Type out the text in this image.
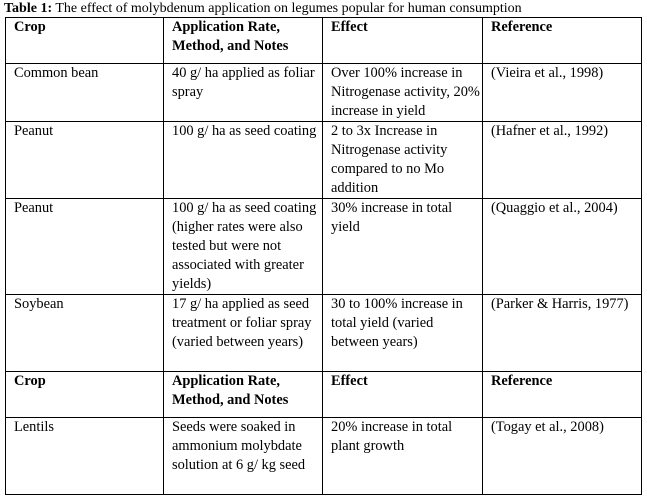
Table 1: The effect of molybdenum application on legumes popular for human consumption
Crop	Application Rate, Method, and Notes	Effect	Reference
Common bean	40 g/ ha applied as foliar spray	Over 100% increase in Nitrogenase activity, 20% increase in yield	(Vieira et al., 1998)
Peanut	100 g/ ha as seed coating	2 to 3x Increase in Nitrogenase activity compared to no Mo addition	(Hafner et al., 1992)
Peanut	100 g/ ha as seed coating (higher rates were also tested but were not associated with greater yields)	30% increase in total yield	(Quaggio et al., 2004)
Soybean	17 g/ ha applied as seed treatment or foliar spray (varied between years)	30 to 100% increase in total yield (varied between years)	(Parker & Harris, 1977)
Crop	Application Rate, Method, and Notes	Effect	Reference
Lentils	Seeds were soaked in ammonium molybdate solution at 6 g/ kg seed	20% increase in total plant growth	(Togay et al., 2008)
